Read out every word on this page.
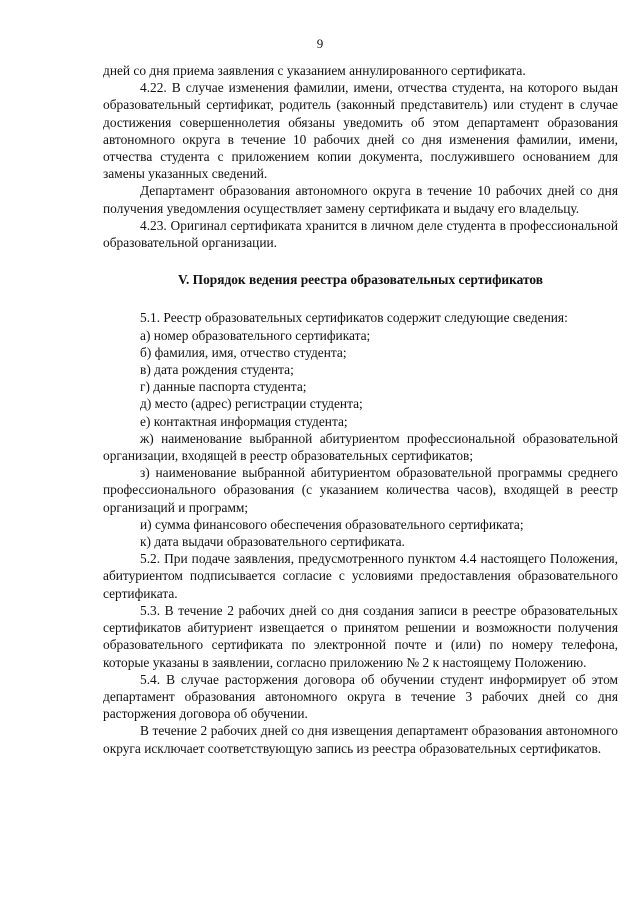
9

дней со дня приема заявления с указанием аннулированного сертификата.

4.22. В случае изменения фамилии, имени, отчества студента, на которого выдан образовательный сертификат, родитель (законный представитель) или студент в случае достижения совершеннолетия обязаны уведомить об этом департамент образования автономного округа в течение 10 рабочих дней со дня изменения фамилии, имени, отчества студента с приложением копии документа, послужившего основанием для замены указанных сведений.

Департамент образования автономного округа в течение 10 рабочих дней со дня получения уведомления осуществляет замену сертификата и выдачу его владельцу.

4.23. Оригинал сертификата хранится в личном деле студента в профессиональной образовательной организации.

V. Порядок ведения реестра образовательных сертификатов

5.1. Реестр образовательных сертификатов содержит следующие сведения:

а) номер образовательного сертификата;

б) фамилия, имя, отчество студента;

в) дата рождения студента;

г) данные паспорта студента;

д) место (адрес) регистрации студента;

е) контактная информация студента;

ж) наименование выбранной абитуриентом профессиональной образовательной организации, входящей в реестр образовательных сертификатов;

з) наименование выбранной абитуриентом образовательной программы среднего профессионального образования (с указанием количества часов), входящей в реестр организаций и программ;

и) сумма финансового обеспечения образовательного сертификата;

к) дата выдачи образовательного сертификата.

5.2. При подаче заявления, предусмотренного пунктом 4.4 настоящего Положения, абитуриентом подписывается согласие с условиями предоставления образовательного сертификата.

5.3. В течение 2 рабочих дней со дня создания записи в реестре образовательных сертификатов абитуриент извещается о принятом решении и возможности получения образовательного сертификата по электронной почте и (или) по номеру телефона, которые указаны в заявлении, согласно приложению № 2 к настоящему Положению.

5.4. В случае расторжения договора об обучении студент информирует об этом департамент образования автономного округа в течение 3 рабочих дней со дня расторжения договора об обучении.

В течение 2 рабочих дней со дня извещения департамент образования автономного округа исключает соответствующую запись из реестра образовательных сертификатов.
